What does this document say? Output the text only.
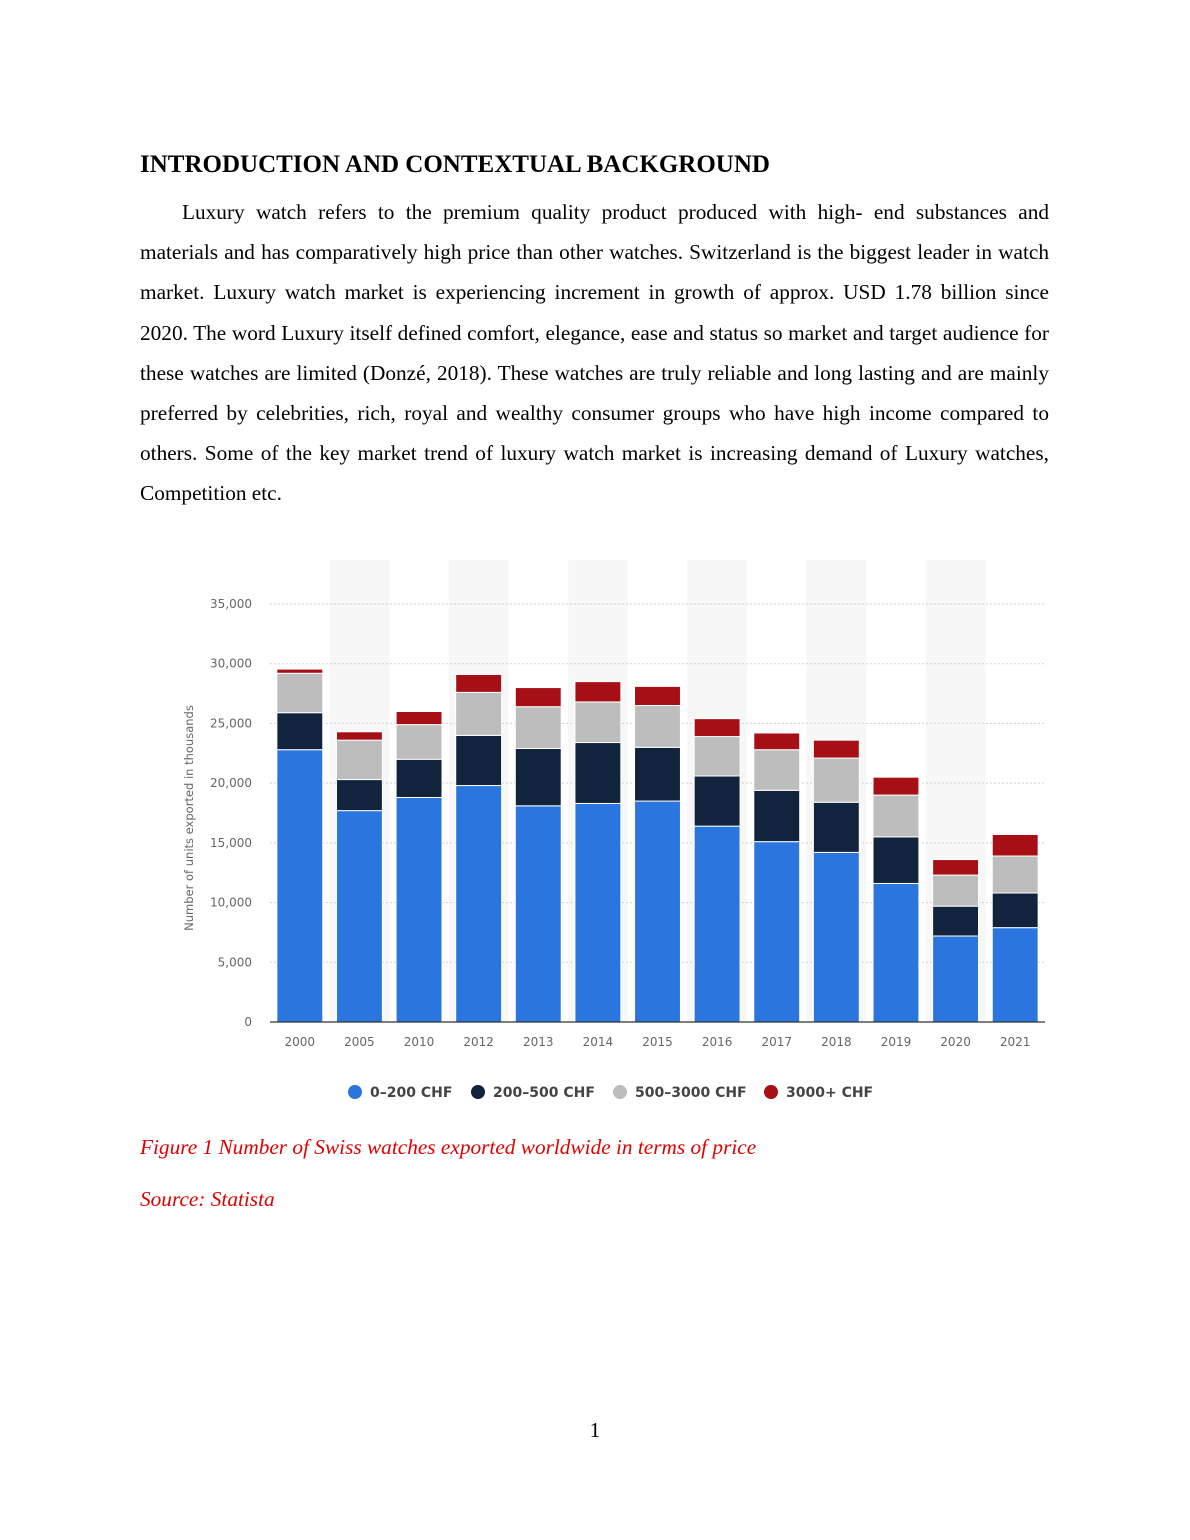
INTRODUCTION AND CONTEXTUAL BACKGROUND

Luxury watch refers to the premium quality product produced with high- end substances and materials and has comparatively high price than other watches. Switzerland is the biggest leader in watch market. Luxury watch market is experiencing increment in growth of approx. USD 1.78 billion since 2020. The word Luxury itself defined comfort, elegance, ease and status so market and target audience for these watches are limited (Donzé, 2018). These watches are truly reliable and long lasting and are mainly preferred by celebrities, rich, royal and wealthy consumer groups who have high income compared to others. Some of the key market trend of luxury watch market is increasing demand of Luxury watches, Competition etc.

0
5,000
10,000
15,000
20,000
25,000
30,000
35,000
Number of units exported in thousands
2000 2005 2010 2012 2013 2014 2015 2016 2017 2018 2019 2020 2021
0–200 CHF	200–500 CHF	500–3000 CHF	3000+ CHF

Figure 1 Number of Swiss watches exported worldwide in terms of price

Source: Statista

1
